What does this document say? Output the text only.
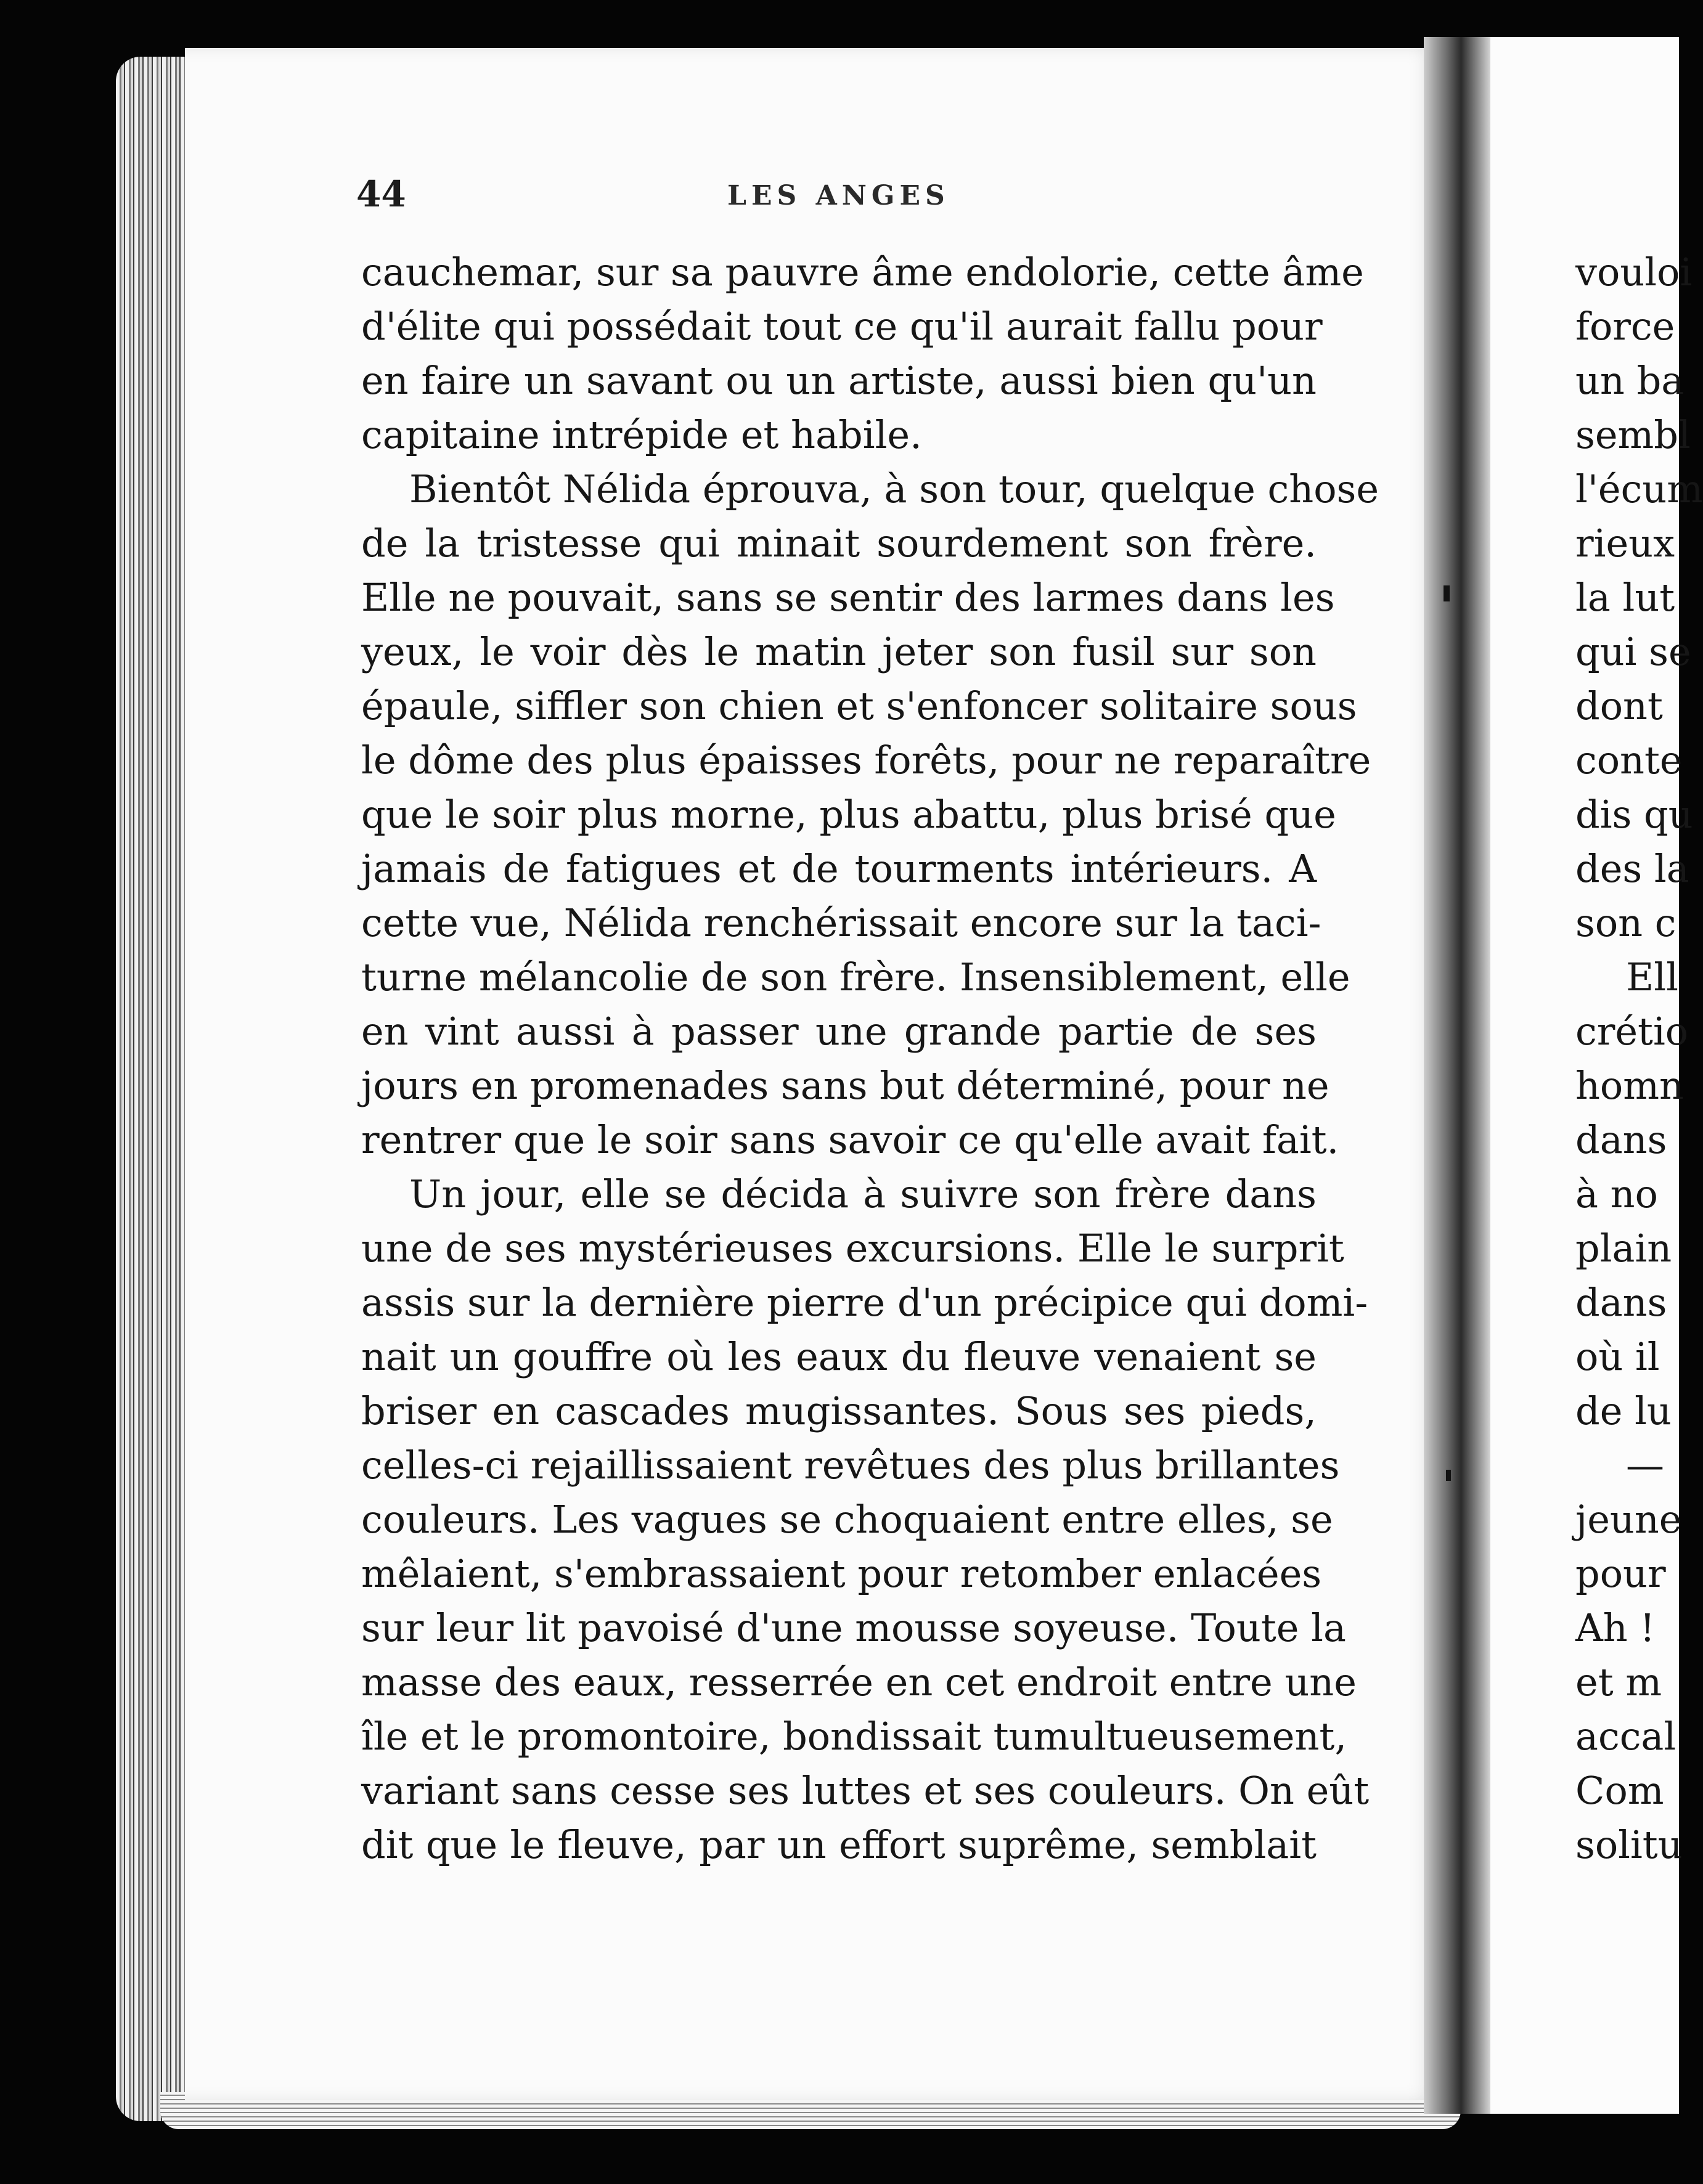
44	LES ANGES

cauchemar, sur sa pauvre âme endolorie, cette âme
d'élite qui possédait tout ce qu'il aurait fallu pour
en faire un savant ou un artiste, aussi bien qu'un
capitaine intrépide et habile.

Bientôt Nélida éprouva, à son tour, quelque chose
de la tristesse qui minait sourdement son frère.
Elle ne pouvait, sans se sentir des larmes dans les
yeux, le voir dès le matin jeter son fusil sur son
épaule, siffler son chien et s'enfoncer solitaire sous
le dôme des plus épaisses forêts, pour ne reparaître
que le soir plus morne, plus abattu, plus brisé que
jamais de fatigues et de tourments intérieurs. A
cette vue, Nélida renchérissait encore sur la taci-
turne mélancolie de son frère. Insensiblement, elle
en vint aussi à passer une grande partie de ses
jours en promenades sans but déterminé, pour ne
rentrer que le soir sans savoir ce qu'elle avait fait.

Un jour, elle se décida à suivre son frère dans
une de ses mystérieuses excursions. Elle le surprit
assis sur la dernière pierre d'un précipice qui domi-
nait un gouffre où les eaux du fleuve venaient se
briser en cascades mugissantes. Sous ses pieds,
celles-ci rejaillissaient revêtues des plus brillantes
couleurs. Les vagues se choquaient entre elles, se
mêlaient, s'embrassaient pour retomber enlacées
sur leur lit pavoisé d'une mousse soyeuse. Toute la
masse des eaux, resserrée en cet endroit entre une
île et le promontoire, bondissait tumultueusement,
variant sans cesse ses luttes et ses couleurs. On eût
dit que le fleuve, par un effort suprême, semblait

vouloi
force
un ba
sembl
l'écum
rieux
la lut
qui se
dont
conte
dis qu
des la
son c
Ell
crétio
homn
dans
à no
plain
dans
où il
de lu
—
jeune
pour
Ah !
et m
accal
Com
solitu
